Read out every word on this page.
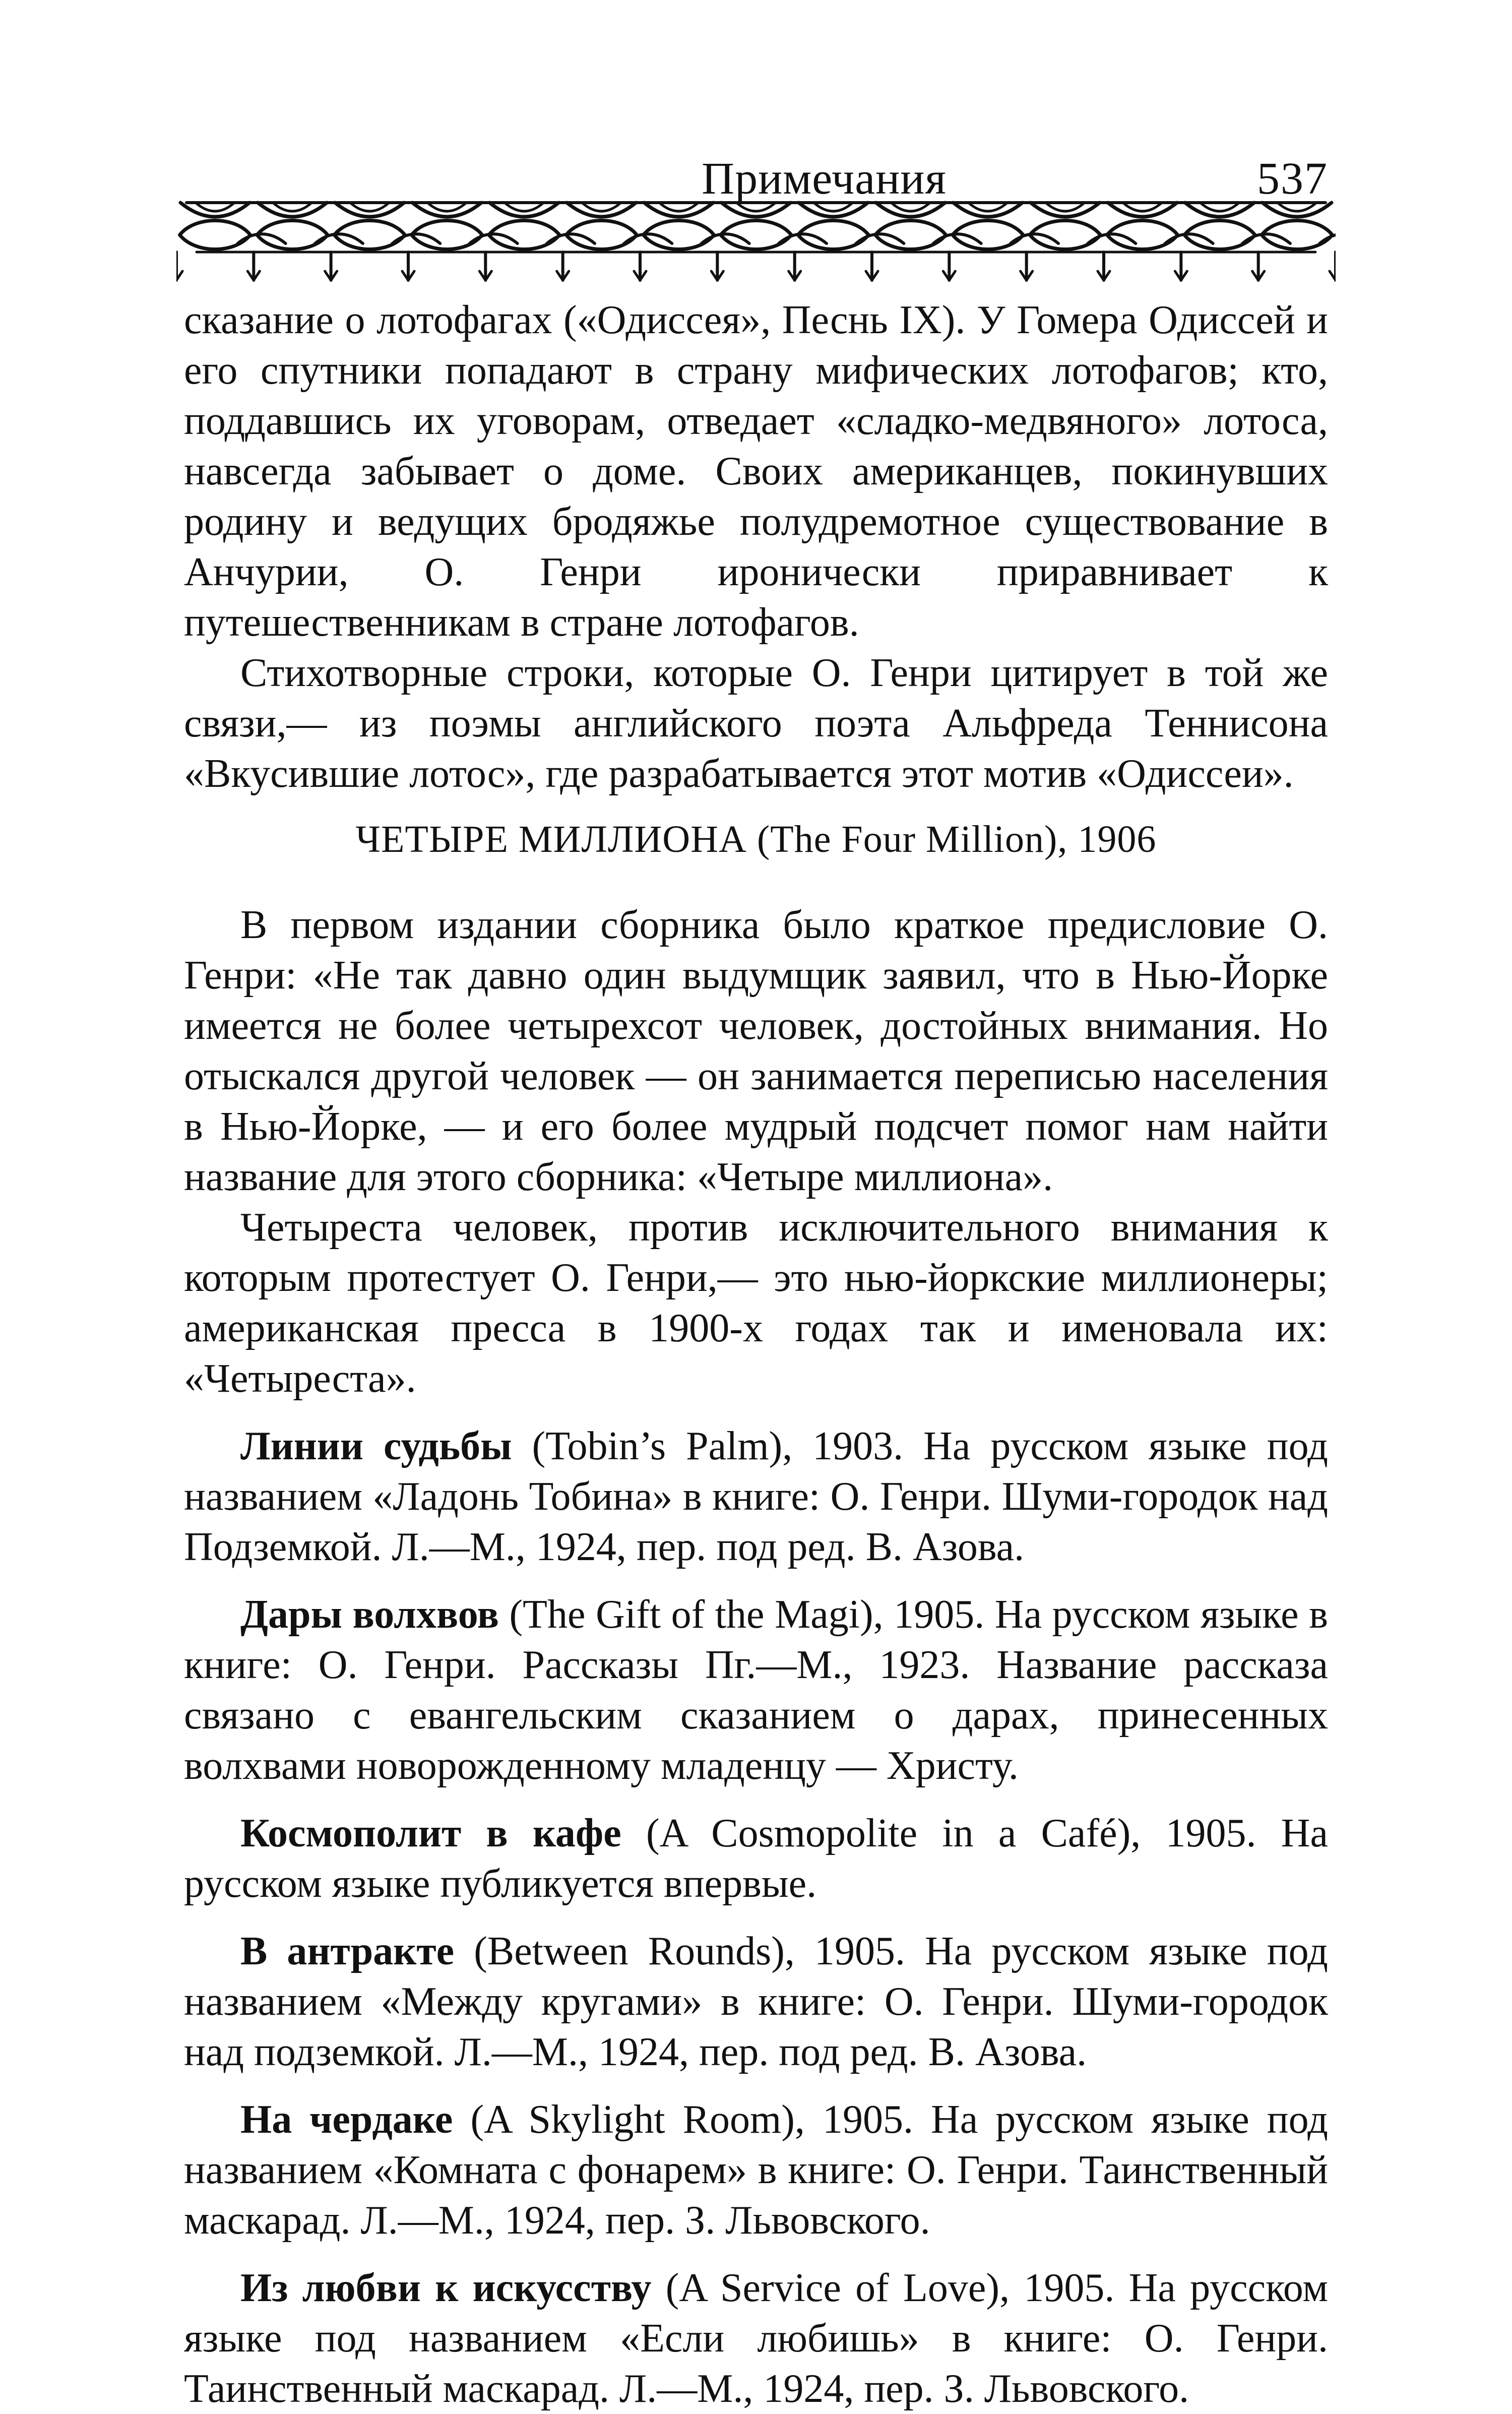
Примечания	537

сказание о лотофагах («Одиссея», Песнь IX). У Гомера Одиссей и его спутники попадают в страну мифических лотофагов; кто, поддавшись их уговорам, отведает «сладко-медвяного» лотоса, навсегда забывает о доме. Своих американцев, покинувших родину и ведущих бродяжье полудремотное существование в Анчурии, О. Генри иронически приравнивает к путешественникам в стране лотофагов.

Стихотворные строки, которые О. Генри цитирует в той же связи,— из поэмы английского поэта Альфреда Теннисона «Вкусившие лотос», где разрабатывается этот мотив «Одиссеи».

ЧЕТЫРЕ МИЛЛИОНА (The Four Million), 1906

В первом издании сборника было краткое предисловие О. Генри: «Не так давно один выдумщик заявил, что в Нью-Йорке имеется не более четырехсот человек, достойных внимания. Но отыскался другой человек — он занимается переписью населения в Нью-Йорке, — и его более мудрый подсчет помог нам найти название для этого сборника: «Четыре миллиона».

Четыреста человек, против исключительного внимания к которым протестует О. Генри,— это нью-йоркские миллионеры; американская пресса в 1900-х годах так и именовала их: «Четыреста».

Линии судьбы (Tobin’s Palm), 1903. На русском языке под названием «Ладонь Тобина» в книге: О. Генри. Шуми-городок над Подземкой. Л.—М., 1924, пер. под ред. В. Азова.

Дары волхвов (The Gift of the Magi), 1905. На русском языке в книге: О. Генри. Рассказы Пг.—М., 1923. Название рассказа связано с евангельским сказанием о дарах, принесенных волхвами новорожденному младенцу — Христу.

Космополит в кафе (A Cosmopolite in a Café), 1905. На русском языке публикуется впервые.

В антракте (Between Rounds), 1905. На русском языке под названием «Между кругами» в книге: О. Генри. Шуми-городок над подземкой. Л.—М., 1924, пер. под ред. В. Азова.

На чердаке (A Skylight Room), 1905. На русском языке под названием «Комната с фонарем» в книге: О. Генри. Таинственный маскарад. Л.—М., 1924, пер. З. Львовского.

Из любви к искусству (A Service of Love), 1905. На русском языке под названием «Если любишь» в книге: О. Генри. Таинственный маскарад. Л.—М., 1924, пер. З. Львовского.
